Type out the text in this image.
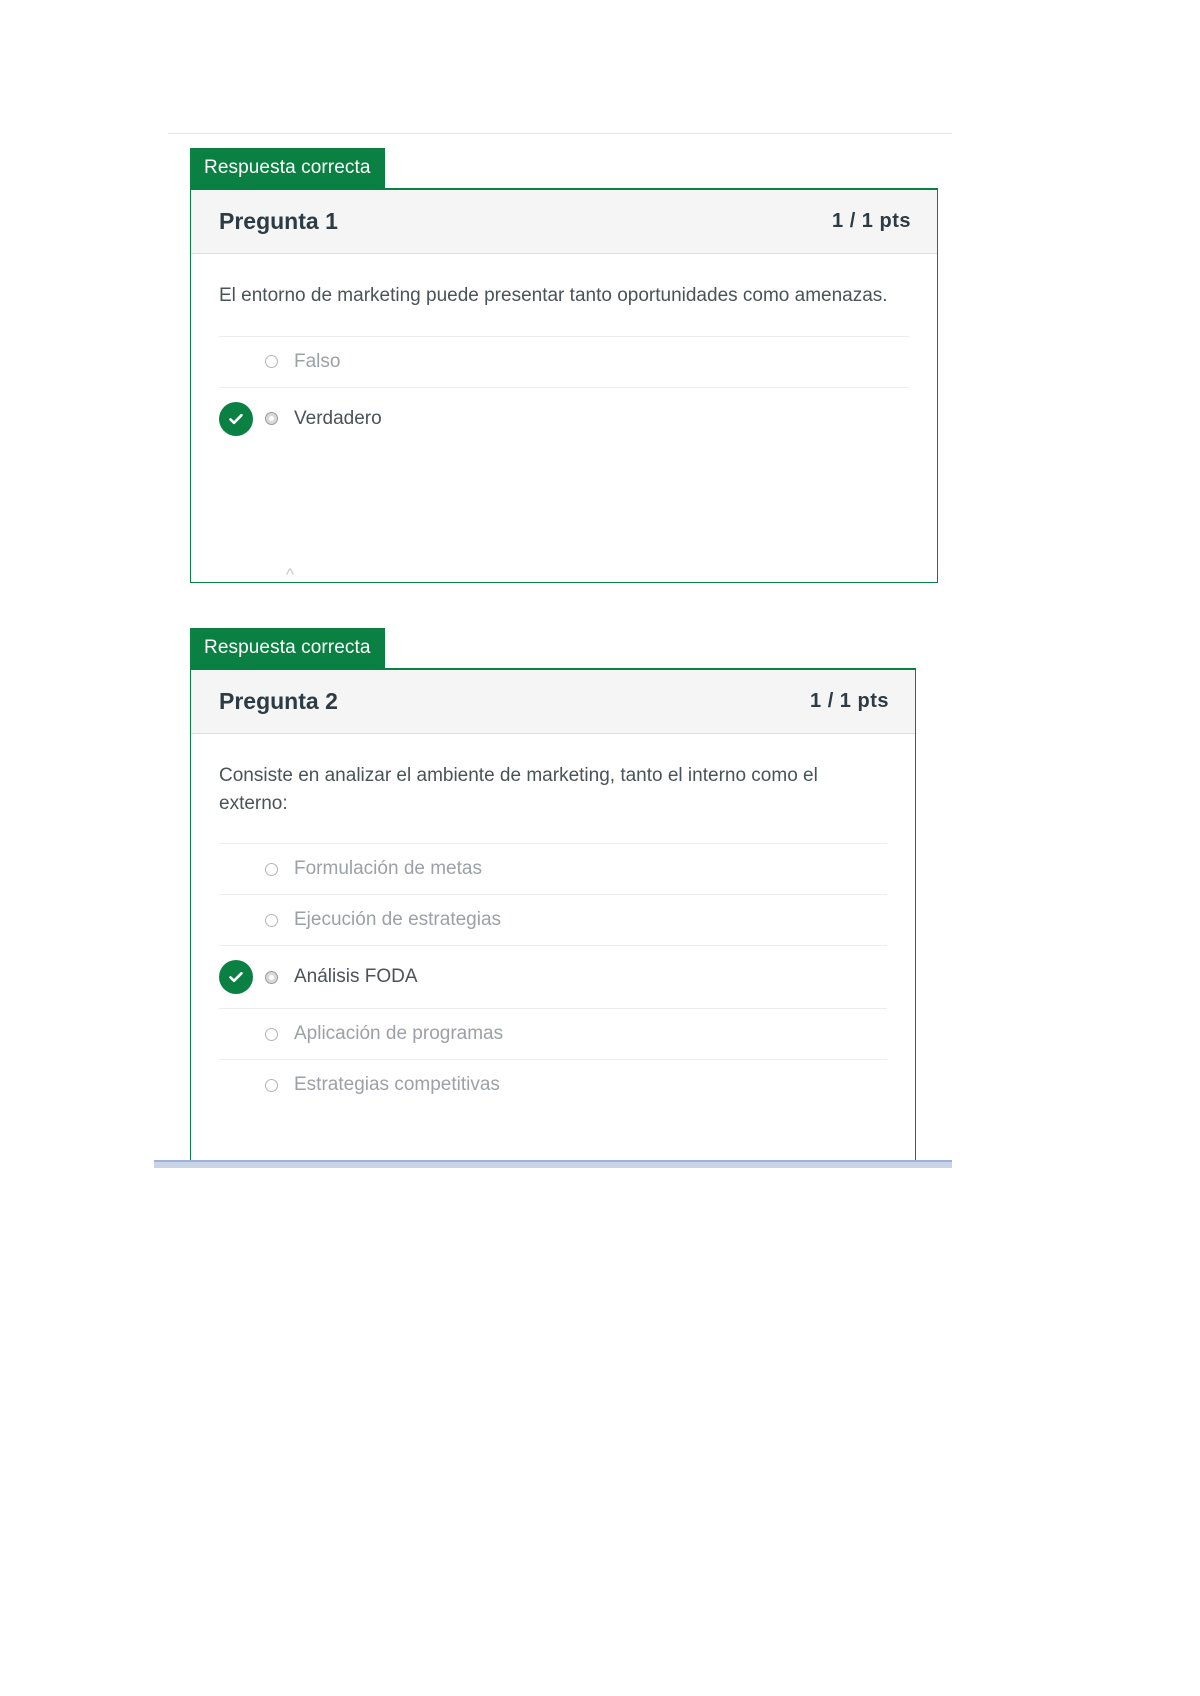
Respuesta correcta
Pregunta 1	1 / 1 pts

El entorno de marketing puede presentar tanto oportunidades como amenazas.

Falso
Verdadero
^
Respuesta correcta
Pregunta 2	1 / 1 pts

Consiste en analizar el ambiente de marketing, tanto el interno como el externo:

Formulación de metas
Ejecución de estrategias
Análisis FODA
Aplicación de programas
Estrategias competitivas
